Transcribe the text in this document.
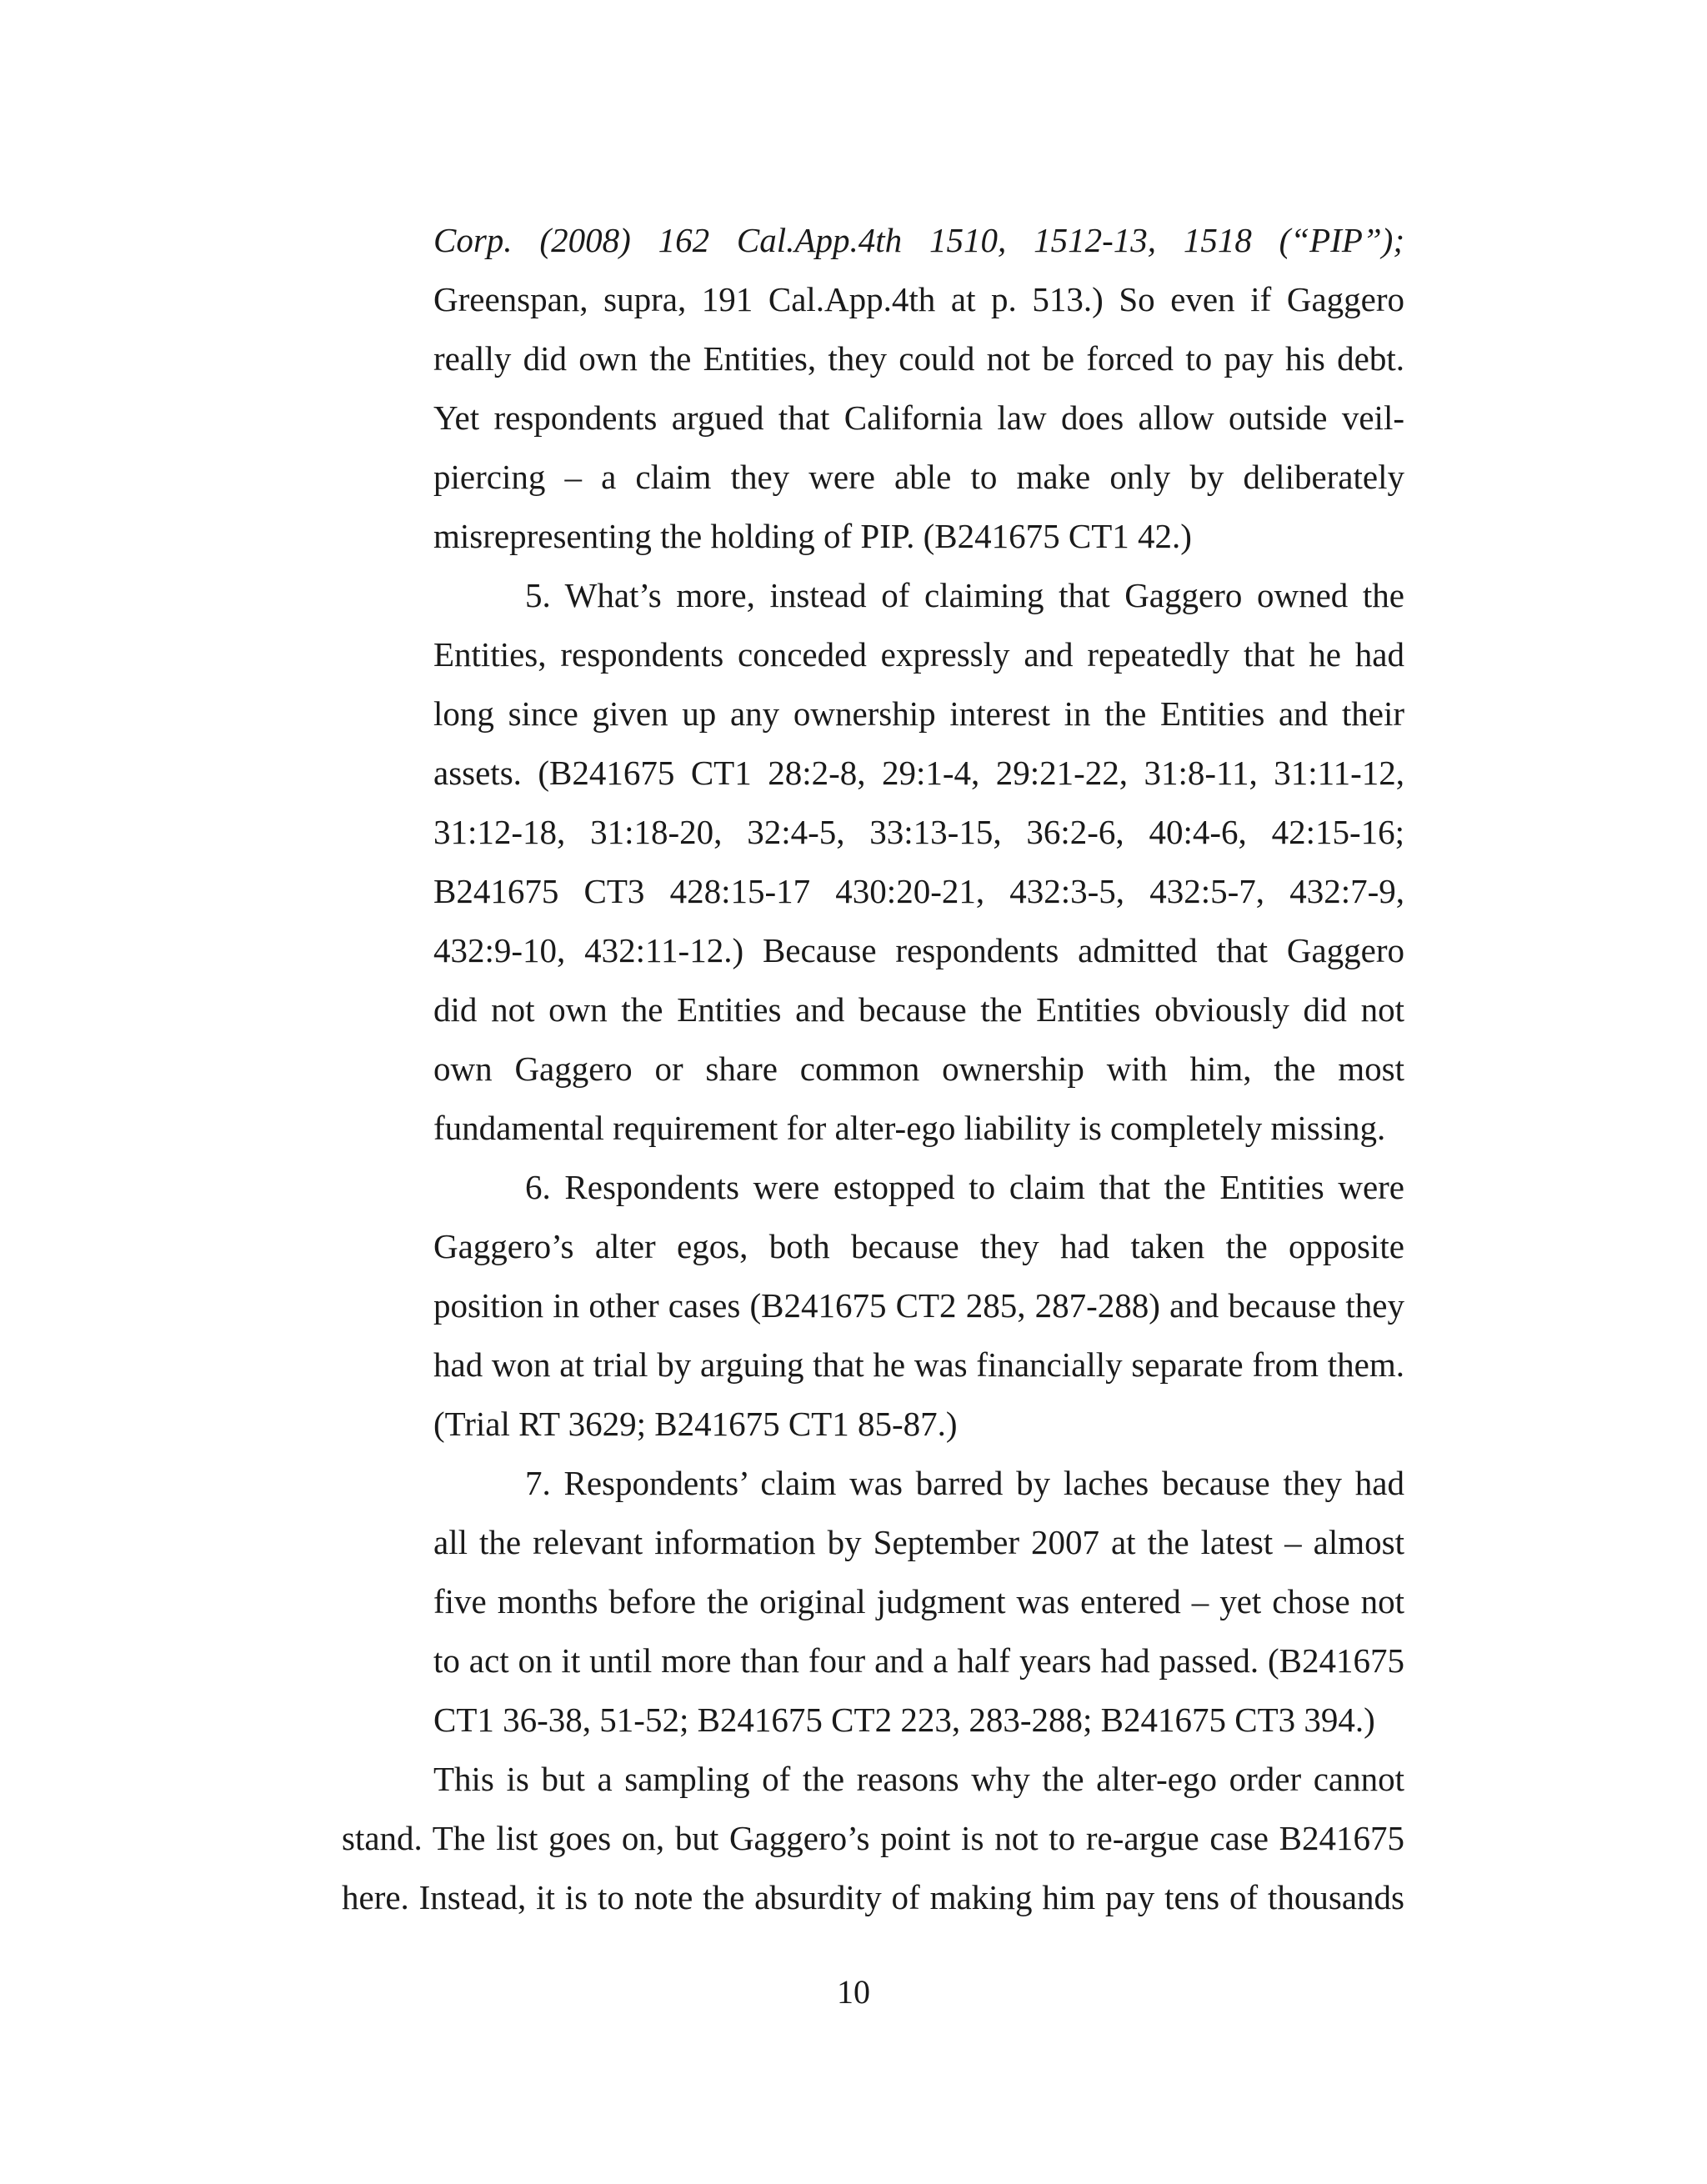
Corp. (2008) 162 Cal.App.4th 1510, 1512-13, 1518 (“PIP”);
Greenspan, supra, 191 Cal.App.4th at p. 513.) So even if Gaggero
really did own the Entities, they could not be forced to pay his debt.
Yet respondents argued that California law does allow outside veil-
piercing – a claim they were able to make only by deliberately
misrepresenting the holding of PIP. (B241675 CT1 42.)
5. What’s more, instead of claiming that Gaggero owned the
Entities, respondents conceded expressly and repeatedly that he had
long since given up any ownership interest in the Entities and their
assets. (B241675 CT1 28:2-8, 29:1-4, 29:21-22, 31:8-11, 31:11-12,
31:12-18, 31:18-20, 32:4-5, 33:13-15, 36:2-6, 40:4-6, 42:15-16;
B241675 CT3 428:15-17 430:20-21, 432:3-5, 432:5-7, 432:7-9,
432:9-10, 432:11-12.) Because respondents admitted that Gaggero
did not own the Entities and because the Entities obviously did not
own Gaggero or share common ownership with him, the most
fundamental requirement for alter-ego liability is completely missing.
6. Respondents were estopped to claim that the Entities were
Gaggero’s alter egos, both because they had taken the opposite
position in other cases (B241675 CT2 285, 287-288) and because they
had won at trial by arguing that he was financially separate from them.
(Trial RT 3629; B241675 CT1 85-87.)
7. Respondents’ claim was barred by laches because they had
all the relevant information by September 2007 at the latest – almost
five months before the original judgment was entered – yet chose not
to act on it until more than four and a half years had passed. (B241675
CT1 36-38, 51-52; B241675 CT2 223, 283-288; B241675 CT3 394.)
This is but a sampling of the reasons why the alter-ego order cannot
stand. The list goes on, but Gaggero’s point is not to re-argue case B241675
here. Instead, it is to note the absurdity of making him pay tens of thousands
10
